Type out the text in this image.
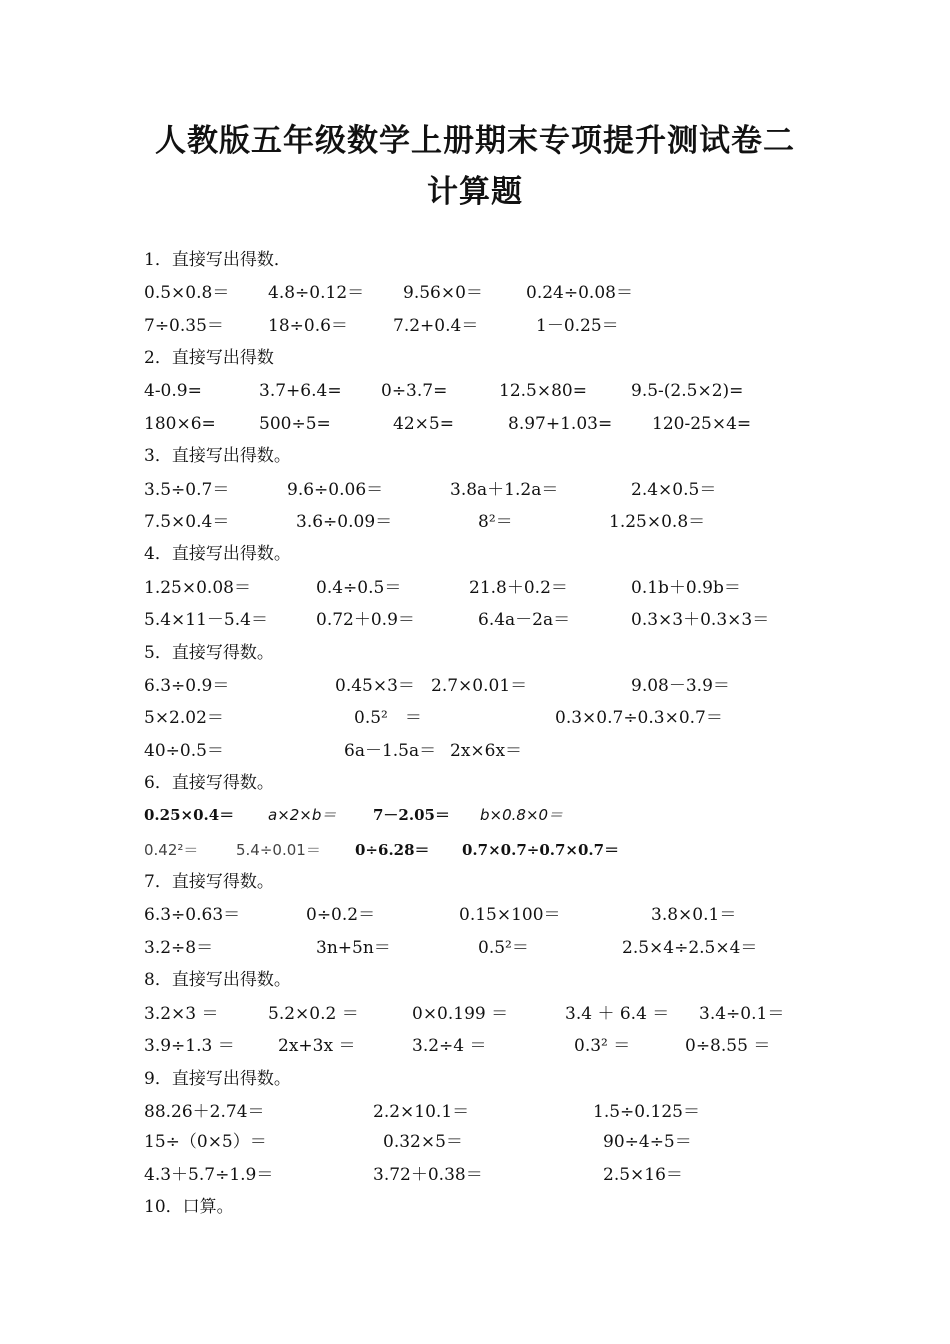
人教版五年级数学上册期末专项提升测试卷二
计算题
1．直接写出得数．
0.5×0.8＝ 4.8÷0.12＝ 9.56×0＝	0.24÷0.08＝
7÷0.35＝	18÷0.6＝	7.2+0.4＝	1－0.25＝
2．直接写出得数
4-0.9=	3.7+6.4= 0÷3.7=	12.5×80=	9.5-(2.5×2)=
180×6=	500÷5=	42×5=	8.97+1.03= 120-25×4=
3．直接写出得数。
3.5÷0.7＝	9.6÷0.06＝	3.8a＋1.2a＝	2.4×0.5＝
7.5×0.4＝	3.6÷0.09＝	8²＝	1.25×0.8＝
4．直接写出得数。
1.25×0.08＝	0.4÷0.5＝	21.8＋0.2＝	0.1b＋0.9b＝
5.4×11－5.4＝	0.72＋0.9＝	6.4a－2a＝	0.3×3＋0.3×3＝
5．直接写得数。
6.3÷0.9＝	0.45×3＝ 2.7×0.01＝	9.08－3.9＝
5×2.02＝	0.5²　＝	0.3×0.7÷0.3×0.7＝
40÷0.5＝	6a－1.5a＝ 2x×6x＝
6．直接写得数。
0.25×0.4＝ a×2×b＝ 7－2.05＝ b×0.8×0＝
0.42²＝	5.4÷0.01＝ 0÷6.28＝ 0.7×0.7÷0.7×0.7＝
7．直接写得数。
6.3÷0.63＝	0÷0.2＝	0.15×100＝	3.8×0.1＝
3.2÷8＝	3n+5n＝	0.5²＝	2.5×4÷2.5×4＝
8．直接写出得数。
3.2×3 ＝	5.2×0.2 ＝	0×0.199 ＝	3.4 ＋ 6.4 ＝ 3.4÷0.1＝
3.9÷1.3 ＝	2x+3x ＝	3.2÷4 ＝	0.3² ＝	0÷8.55 ＝
9．直接写出得数。
88.26＋2.74＝	2.2×10.1＝	1.5÷0.125＝
15÷（0×5）＝	0.32×5＝	90÷4÷5＝
4.3＋5.7÷1.9＝	3.72＋0.38＝	2.5×16＝
10．口算。
